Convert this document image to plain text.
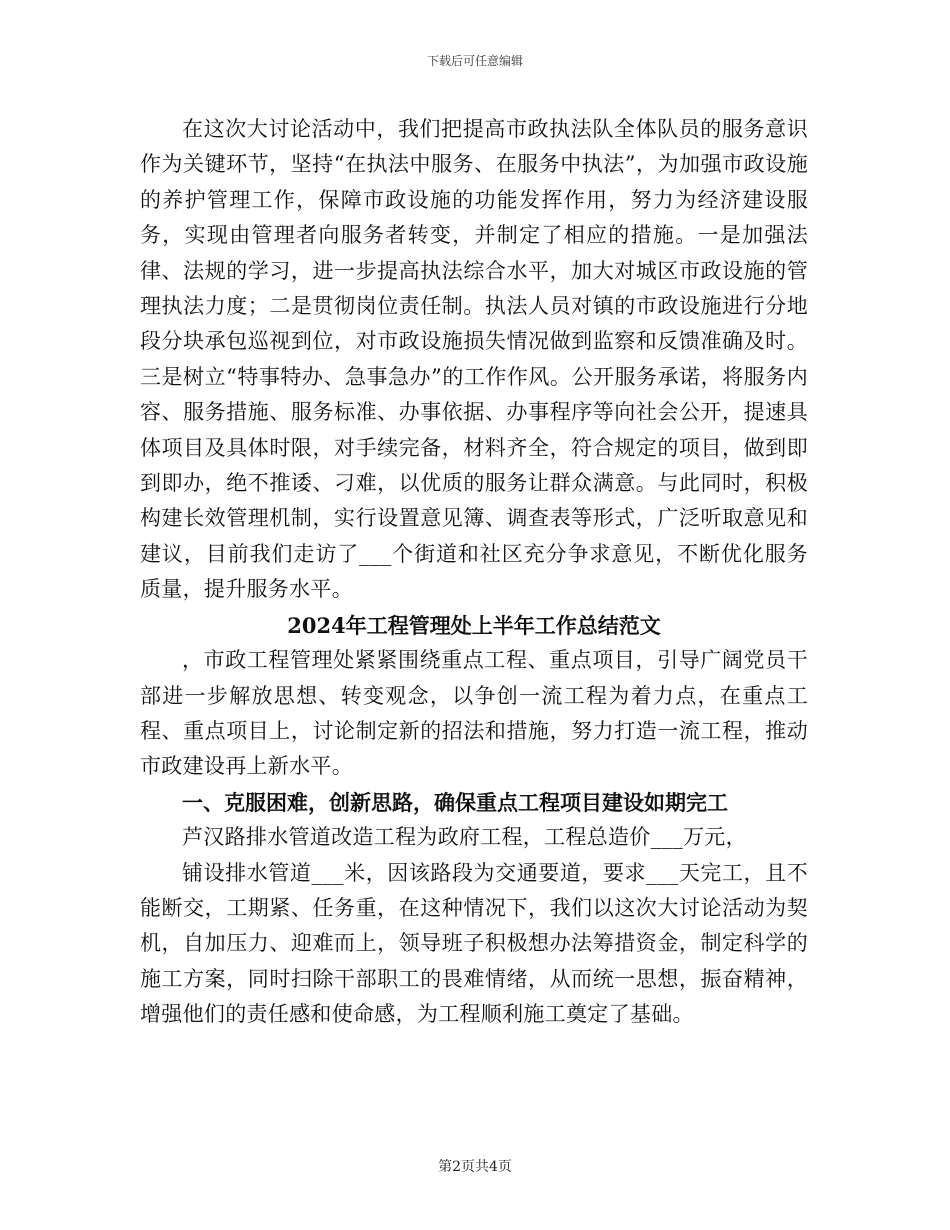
下载后可任意编辑

在这次大讨论活动中，我们把提高市政执法队全体队员的服务意识作为关键环节，坚持“在执法中服务、在服务中执法”，为加强市政设施的养护管理工作，保障市政设施的功能发挥作用，努力为经济建设服务，实现由管理者向服务者转变，并制定了相应的措施。一是加强法律、法规的学习，进一步提高执法综合水平，加大对城区市政设施的管理执法力度；二是贯彻岗位责任制。执法人员对镇的市政设施进行分地段分块承包巡视到位，对市政设施损失情况做到监察和反馈准确及时。三是树立“特事特办、急事急办”的工作作风。公开服务承诺，将服务内容、服务措施、服务标准、办事依据、办事程序等向社会公开，提速具体项目及具体时限，对手续完备，材料齐全，符合规定的项目，做到即到即办，绝不推诿、刁难，以优质的服务让群众满意。与此同时，积极构建长效管理机制，实行设置意见簿、调查表等形式，广泛听取意见和建议，目前我们走访了___个街道和社区充分争求意见，不断优化服务质量，提升服务水平。

2024年工程管理处上半年工作总结范文

，市政工程管理处紧紧围绕重点工程、重点项目，引导广阔党员干部进一步解放思想、转变观念，以争创一流工程为着力点，在重点工程、重点项目上，讨论制定新的招法和措施，努力打造一流工程，推动市政建设再上新水平。

一、克服困难，创新思路，确保重点工程项目建设如期完工

芦汉路排水管道改造工程为政府工程，工程总造价___万元，

铺设排水管道___米，因该路段为交通要道，要求___天完工，且不能断交，工期紧、任务重，在这种情况下，我们以这次大讨论活动为契机，自加压力、迎难而上，领导班子积极想办法筹措资金，制定科学的施工方案，同时扫除干部职工的畏难情绪，从而统一思想，振奋精神，增强他们的责任感和使命感，为工程顺利施工奠定了基础。

第2页共4页
